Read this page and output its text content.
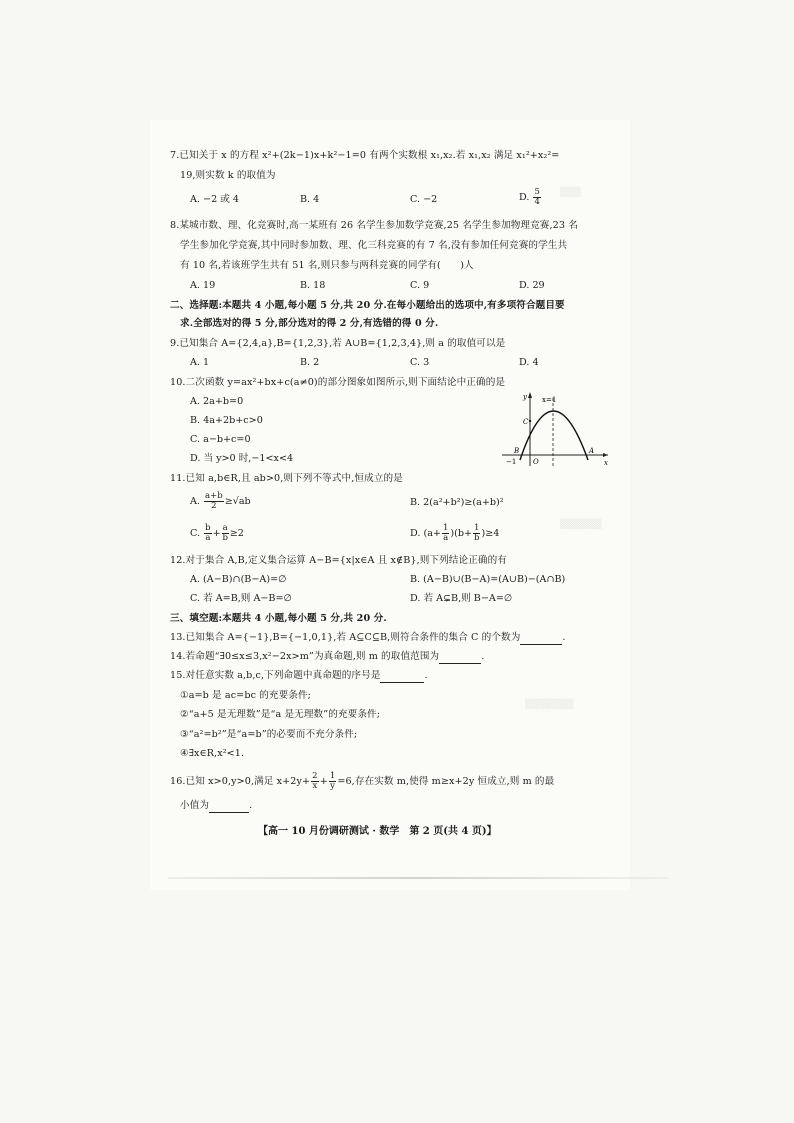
▒▒▒
▒▒▒▒▒▒
▒▒▒▒▒▒▒
7.已知关于 x 的方程 x²+(2k−1)x+k²−1=0 有两个实数根 x₁,x₂.若 x₁,x₂ 满足 x₁²+x₂²=
19,则实数 k 的取值为
A. −2 或 4	B. 4	C. −2	D. $\frac{5}{4}$
8.某城市数、理、化竞赛时,高一某班有 26 名学生参加数学竞赛,25 名学生参加物理竞赛,23 名
学生参加化学竞赛,其中同时参加数、理、化三科竞赛的有 7 名,没有参加任何竞赛的学生共
有 10 名,若该班学生共有 51 名,则只参与两科竞赛的同学有(　　)人
A. 19	B. 18	C. 9	D. 29
二、选择题:本题共 4 小题,每小题 5 分,共 20 分.在每小题给出的选项中,有多项符合题目要
求.全部选对的得 5 分,部分选对的得 2 分,有选错的得 0 分.
9.已知集合 A={2,4,a},B={1,2,3},若 A∪B={1,2,3,4},则 a 的取值可以是
A. 1	B. 2	C. 3	D. 4
10.二次函数 y=ax²+bx+c(a≠0)的部分图象如图所示,则下面结论中正确的是
A. 2a+b=0
B. 4a+2b+c>0
C. a−b+c=0
D. 当 y>0 时,−1<x<4
x=1
y
x
C
B	A
O
−1
11.已知 a,b∈R,且 ab>0,则下列不等式中,恒成立的是
A. $\frac{a+b}{2} \ge√ab$	B. 2(a²+b²)≥(a+b)²
C. $\frac{b}{a} + \frac{a}{b} \ge 2$	D. $(a+ \frac{1}{a} )(b+ \frac{1}{b} )\ge 4$
12.对于集合 A,B,定义集合运算 A−B={x|x∈A 且 x∉B},则下列结论正确的有
A. (A−B)∩(B−A)=∅	B. (A−B)∪(B−A)=(A∪B)−(A∩B)
C. 若 A=B,则 A−B=∅	D. 若 A⊊B,则 B−A=∅
三、填空题:本题共 4 小题,每小题 5 分,共 20 分.
13.已知集合 A={−1},B={−1,0,1},若 A⊆C⊆B,则符合条件的集合 C 的个数为	.
14.若命题“∃0≤x≤3,x²−2x>m”为真命题,则 m 的取值范围为	.
15.对任意实数 a,b,c,下列命题中真命题的序号是	.
①a=b 是 ac=bc 的充要条件;
②“a+5 是无理数”是“a 是无理数”的充要条件;
③“a²=b²”是“a=b”的必要而不充分条件;
④∃x∈R,x²<1.
16.已知 x>0,y>0,满足 $x+2y+ \frac{2}{x} + \frac{1}{y} =6$,存在实数 m,使得 m≥x+2y 恒成立,则 m 的最
小值为	.
【高一 10 月份调研测试 · 数学　第 2 页(共 4 页)】
